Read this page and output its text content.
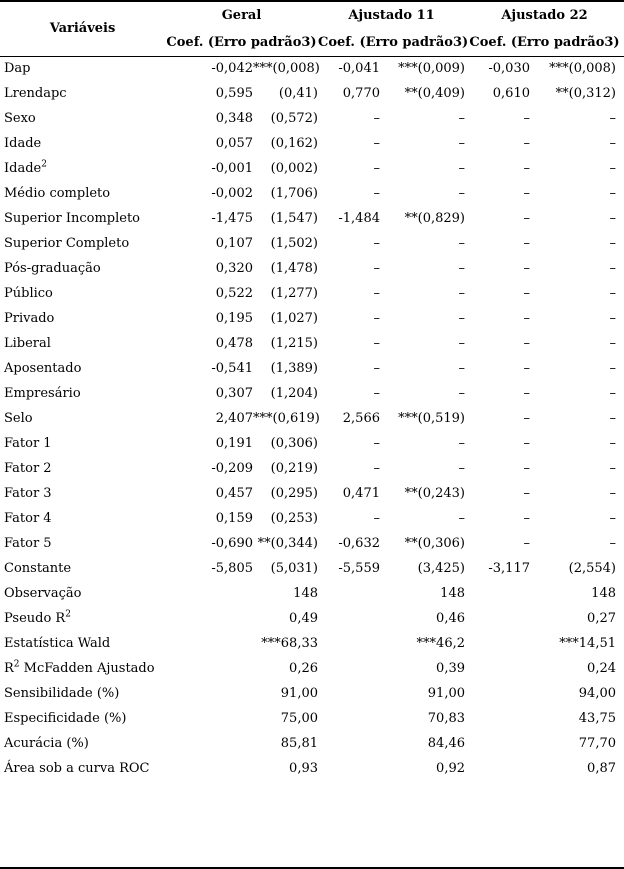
Variáveis	Geral		Ajustado 11		Ajustado 22	
	Coef. (Erro padrão3)		Coef. (Erro padrão3)		Coef. (Erro padrão3)	
Dap	-0,042	***(0,008)	-0,041	***(0,009)	-0,030	***(0,008)
Lrendapc	0,595	(0,41)	0,770	**(0,409)	0,610	**(0,312)
Sexo	0,348	(0,572)	–	–	–	–
Idade	0,057	(0,162)	–	–	–	–
Idade$^2$	-0,001	(0,002)	–	–	–	–
Médio completo	-0,002	(1,706)	–	–	–	–
Superior Incompleto	-1,475	(1,547)	-1,484	**(0,829)	–	–
Superior Completo	0,107	(1,502)	–	–	–	–
Pós-graduação	0,320	(1,478)	–	–	–	–
Público	0,522	(1,277)	–	–	–	–
Privado	0,195	(1,027)	–	–	–	–
Liberal	0,478	(1,215)	–	–	–	–
Aposentado	-0,541	(1,389)	–	–	–	–
Empresário	0,307	(1,204)	–	–	–	–
Selo	2,407	***(0,619)	2,566	***(0,519)	–	–
Fator 1	0,191	(0,306)	–	–	–	–
Fator 2	-0,209	(0,219)	–	–	–	–
Fator 3	0,457	(0,295)	0,471	**(0,243)	–	–
Fator 4	0,159	(0,253)	–	–	–	–
Fator 5	-0,690	**(0,344)	-0,632	**(0,306)	–	–
Constante	-5,805	(5,031)	-5,559	(3,425)	-3,117	(2,554)
Observação		148		148		148
Pseudo $R^2$		0,49		0,46		0,27
Estatística Wald		***68,33		***46,2		***14,51
$R^2$ McFadden Ajustado		0,26		0,39		0,24
Sensibilidade (%)		91,00		91,00		94,00
Especificidade (%)		75,00		70,83		43,75
Acurácia (%)		85,81		84,46		77,70
Área sob a curva ROC		0,93		0,92		0,87
